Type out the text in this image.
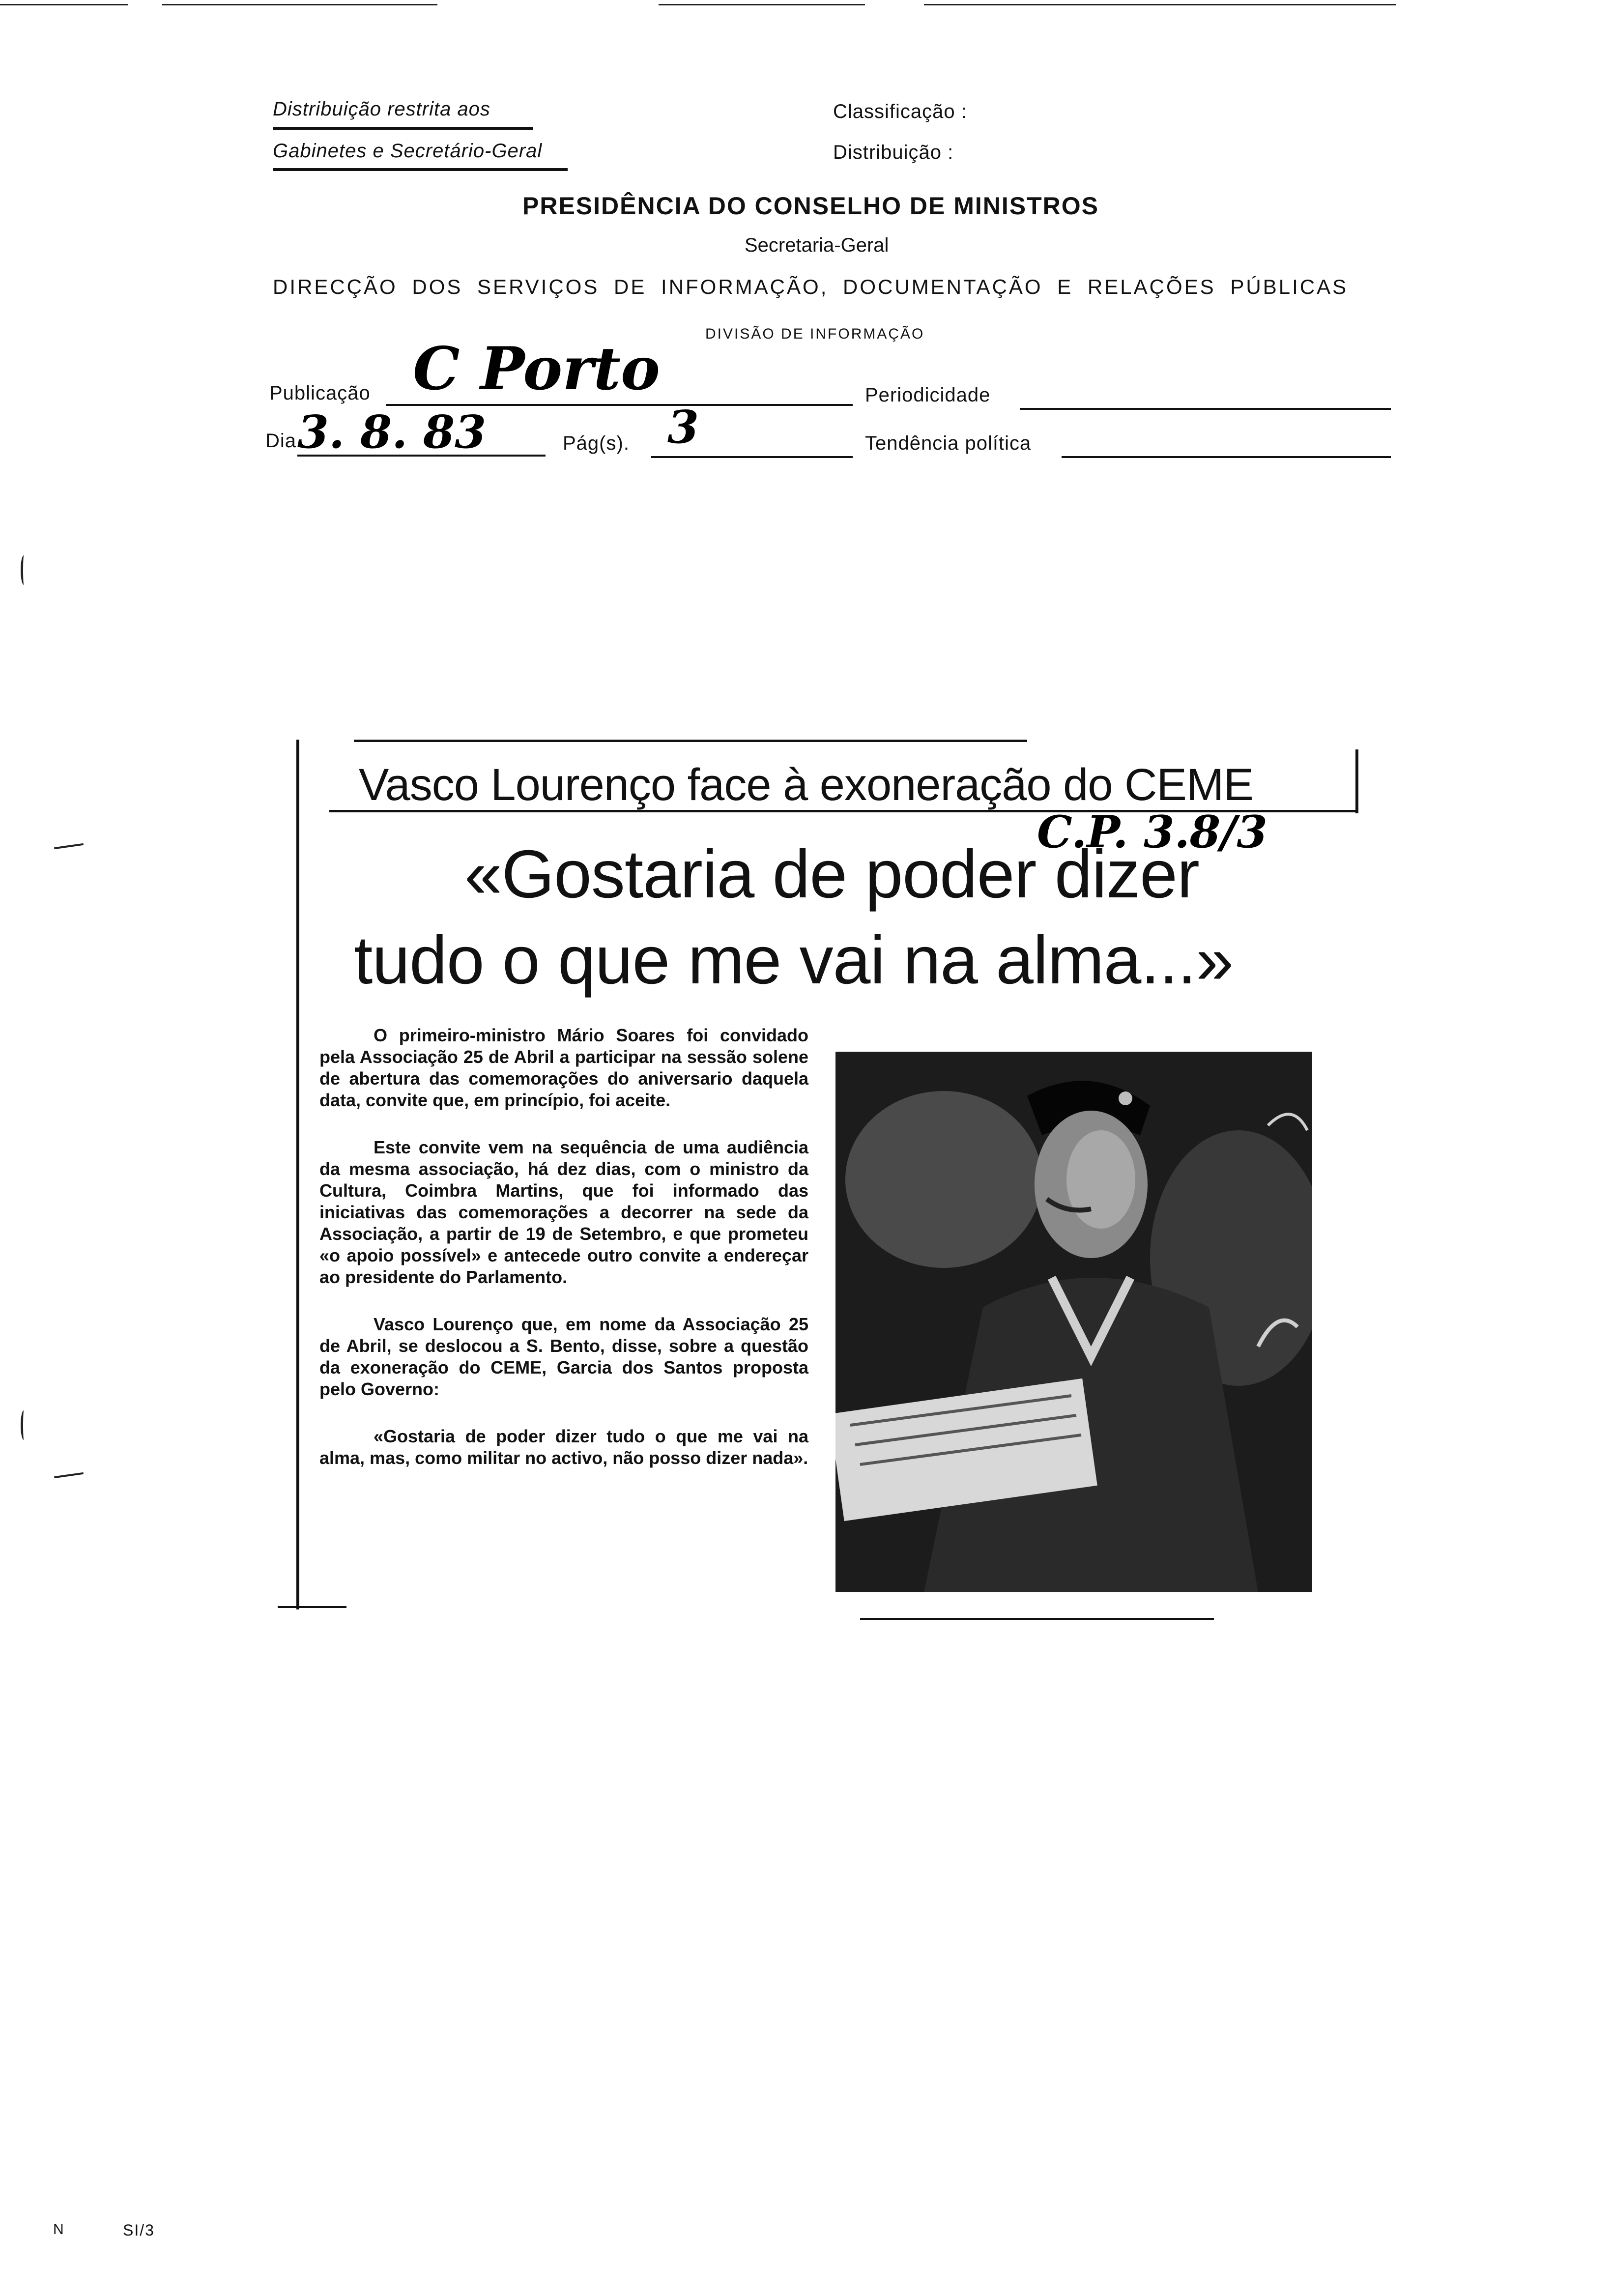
Distribuição restrita aos
Gabinetes e Secretário-Geral
Classificação :
Distribuição :
PRESIDÊNCIA DO CONSELHO DE MINISTROS
Secretaria-Geral
DIRECÇÃO DOS SERVIÇOS DE INFORMAÇÃO, DOCUMENTAÇÃO E RELAÇÕES PÚBLICAS
DIVISÃO DE INFORMAÇÃO
Publicação C Porto	Periodicidade
Dia 3. 8. 83	Pág(s). 3	Tendência política
Vasco Lourenço face à exoneração do CEME
C.P. 3.8/3
«Gostaria de poder dizer
tudo o que me vai na alma...»

O primeiro-ministro Mário Soares foi convidado pela Associação 25 de Abril a participar na sessão solene de abertura das comemorações do aniversario daquela data, convite que, em princípio, foi aceite.

Este convite vem na sequência de uma audiência da mesma associação, há dez dias, com o ministro da Cultura, Coimbra Martins, que foi informado das iniciativas das comemorações a decorrer na sede da Associação, a partir de 19 de Setembro, e que prometeu «o apoio possível» e antecede outro convite a endereçar ao presidente do Parlamento.

Vasco Lourenço que, em nome da Associação 25 de Abril, se deslocou a S. Bento, disse, sobre a questão da exoneração do CEME, Garcia dos Santos proposta pelo Governo:

«Gostaria de poder dizer tudo o que me vai na alma, mas, como militar no activo, não posso dizer nada».

N	SI/3
